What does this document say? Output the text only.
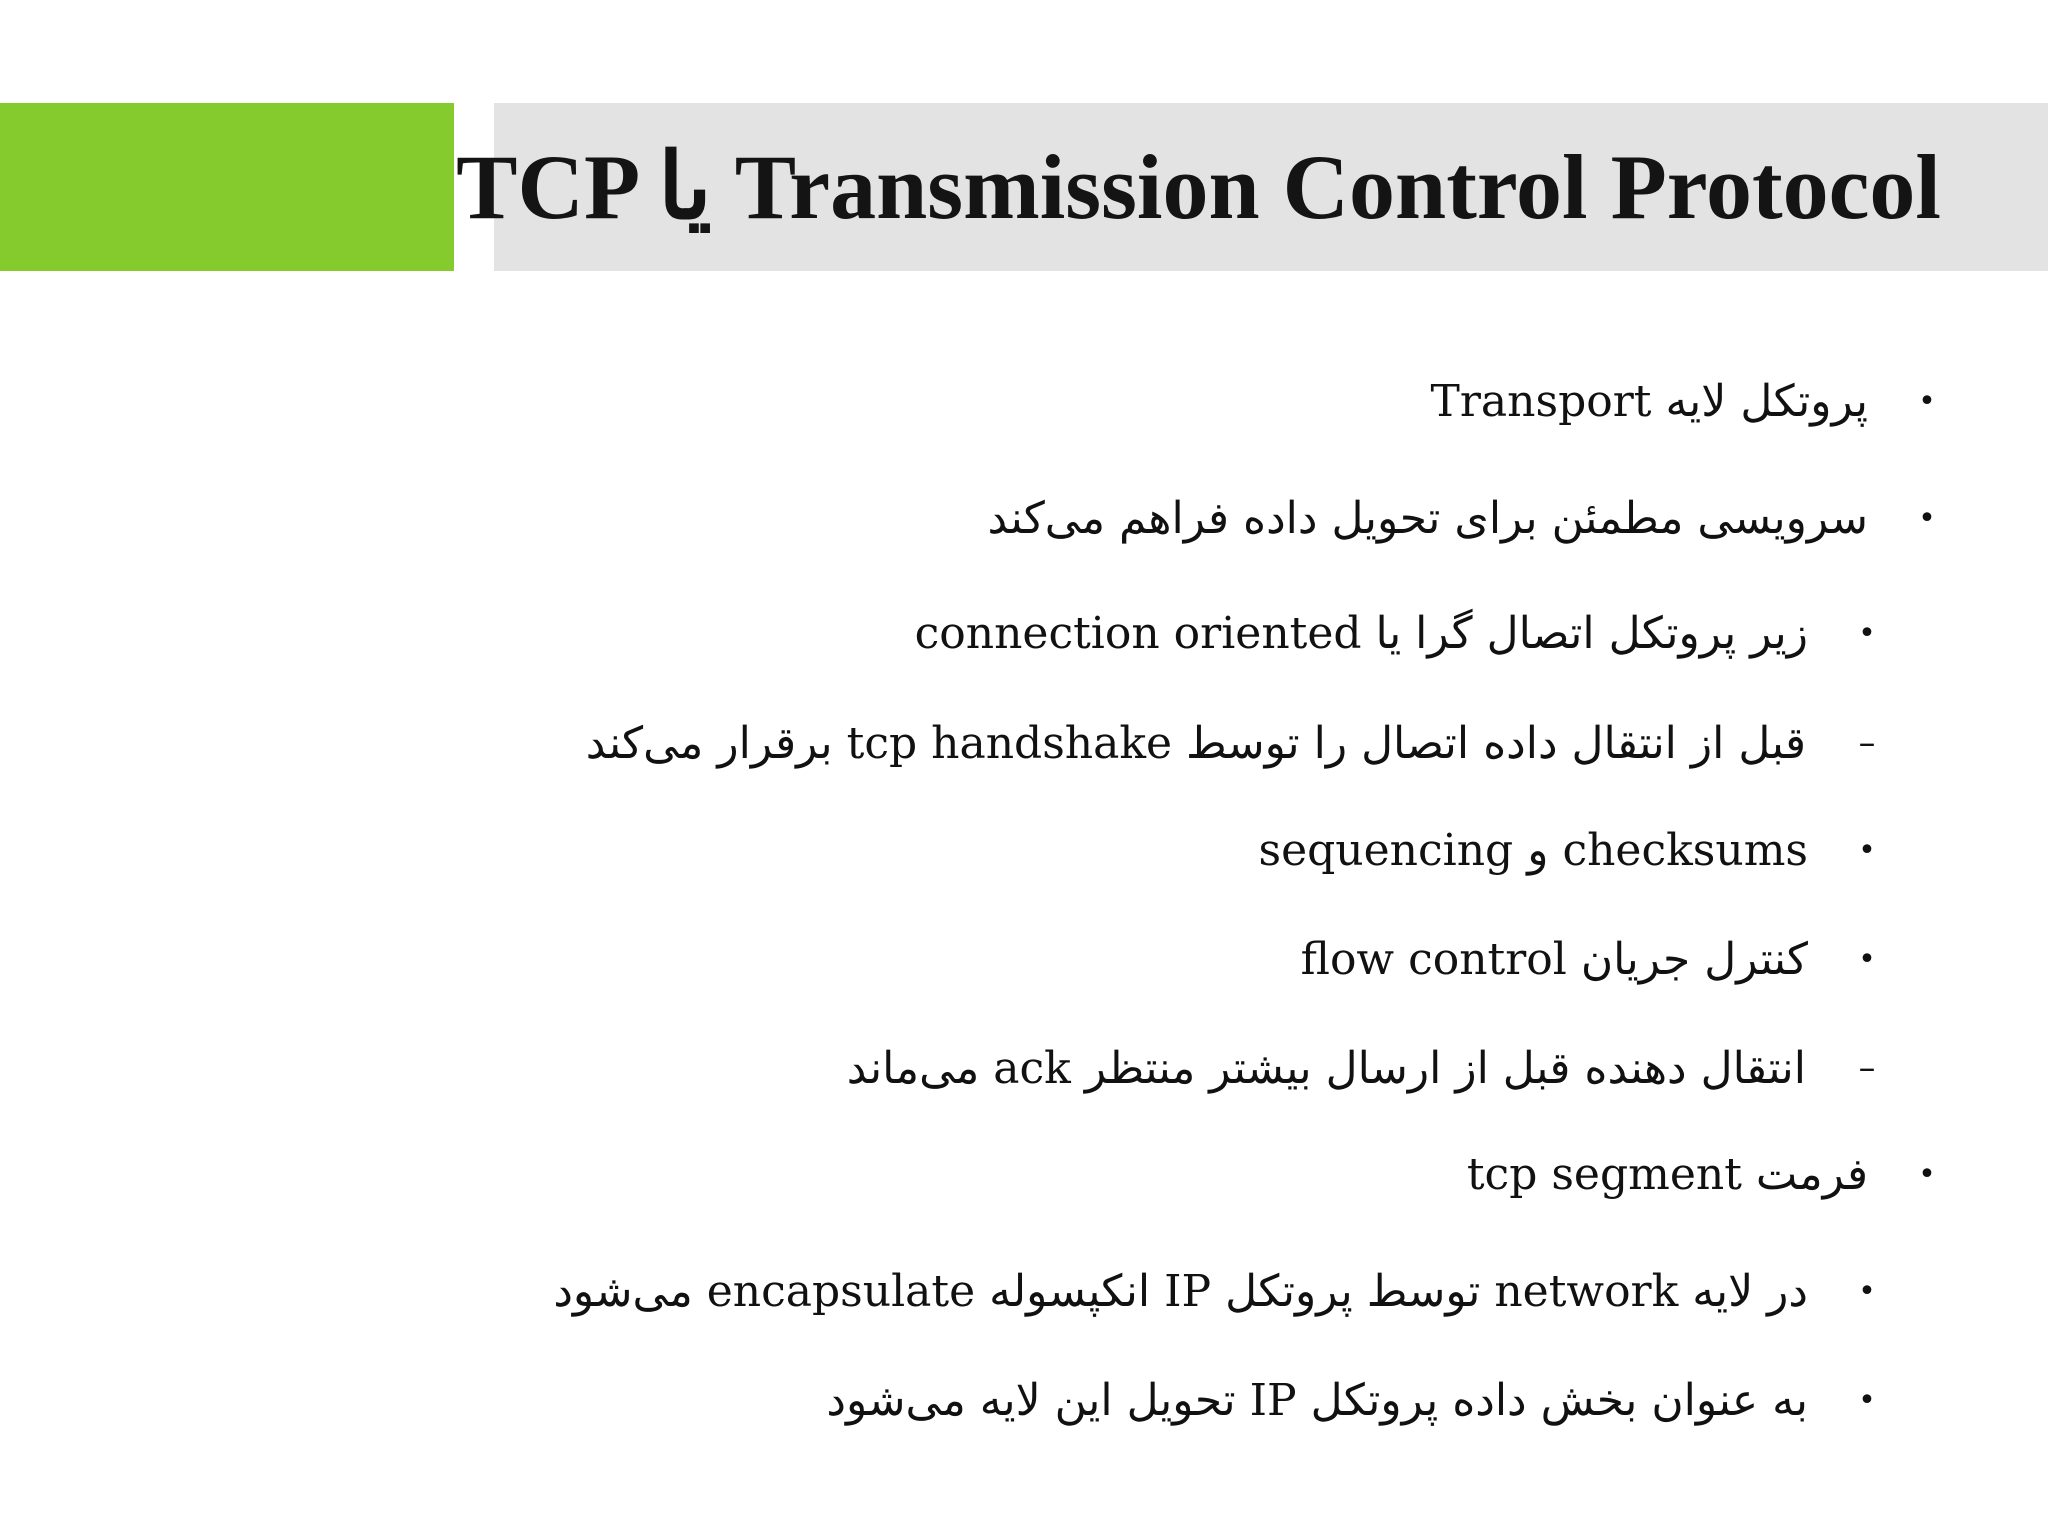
TCP یا Transmission Control Protocol
•
پروتکل لایه Transport
•
سرویسی مطمئن برای تحویل داده فراهم می‌کند
•
زیر پروتکل اتصال گرا یا connection oriented
–
قبل از انتقال داده اتصال را توسط tcp handshake برقرار می‌کند
•
sequencing و checksums
•
کنترل جریان flow control
–
انتقال دهنده قبل از ارسال بیشتر منتظر ack می‌ماند
•
فرمت tcp segment
•
در لایه network توسط پروتکل IP انکپسوله encapsulate می‌شود
•
به عنوان بخش داده پروتکل IP تحویل این لایه می‌شود
